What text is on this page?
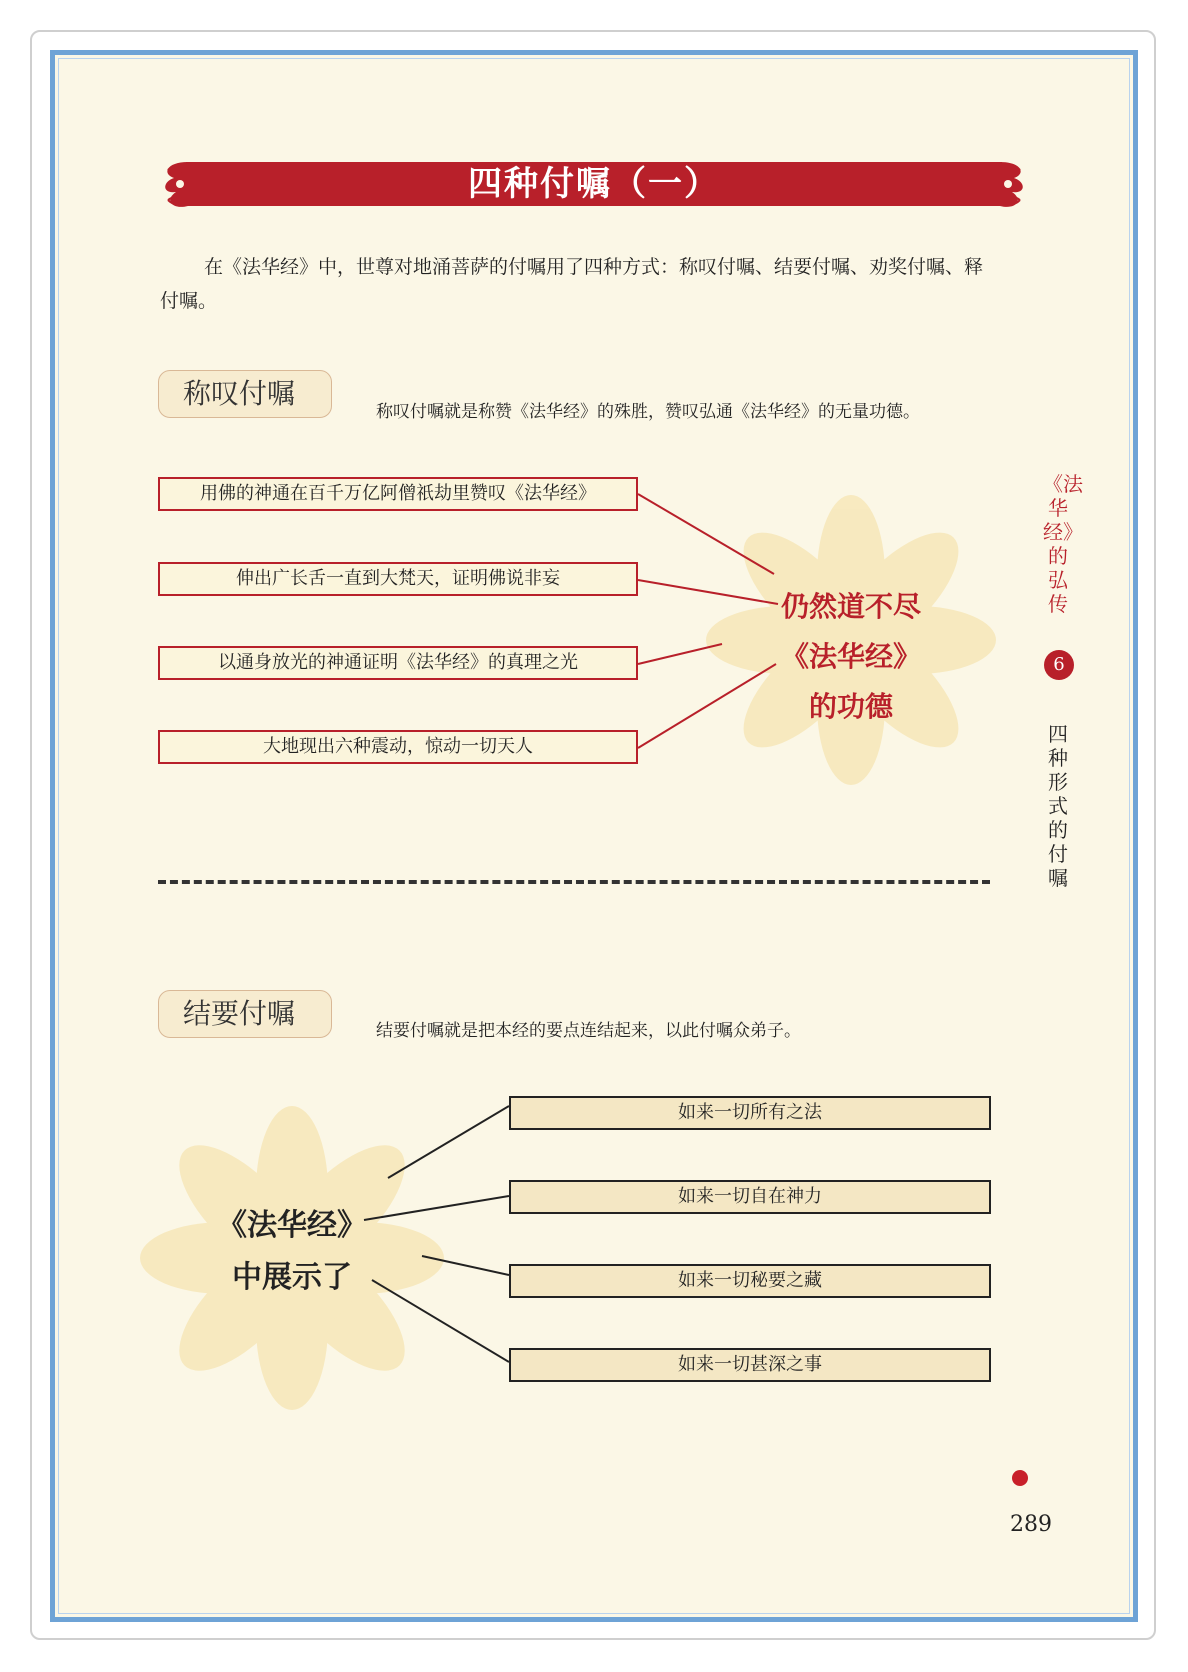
四种付嘱（一）
在《法华经》中，世尊对地涌菩萨的付嘱用了四种方式：称叹付嘱、结要付嘱、劝奖付嘱、释付嘱。
称叹付嘱
称叹付嘱就是称赞《法华经》的殊胜，赞叹弘通《法华经》的无量功德。
用佛的神通在百千万亿阿僧祇劫里赞叹《法华经》
伸出广长舌一直到大梵天，证明佛说非妄
以通身放光的神通证明《法华经》的真理之光
大地现出六种震动，惊动一切天人
仍然道不尽
《法华经》
的功德
结要付嘱
结要付嘱就是把本经的要点连结起来，以此付嘱众弟子。
如来一切所有之法
如来一切自在神力
如来一切秘要之藏
如来一切甚深之事
《法华经》
中展示了
《法华经》的弘传
6
四种形式的付嘱
289
